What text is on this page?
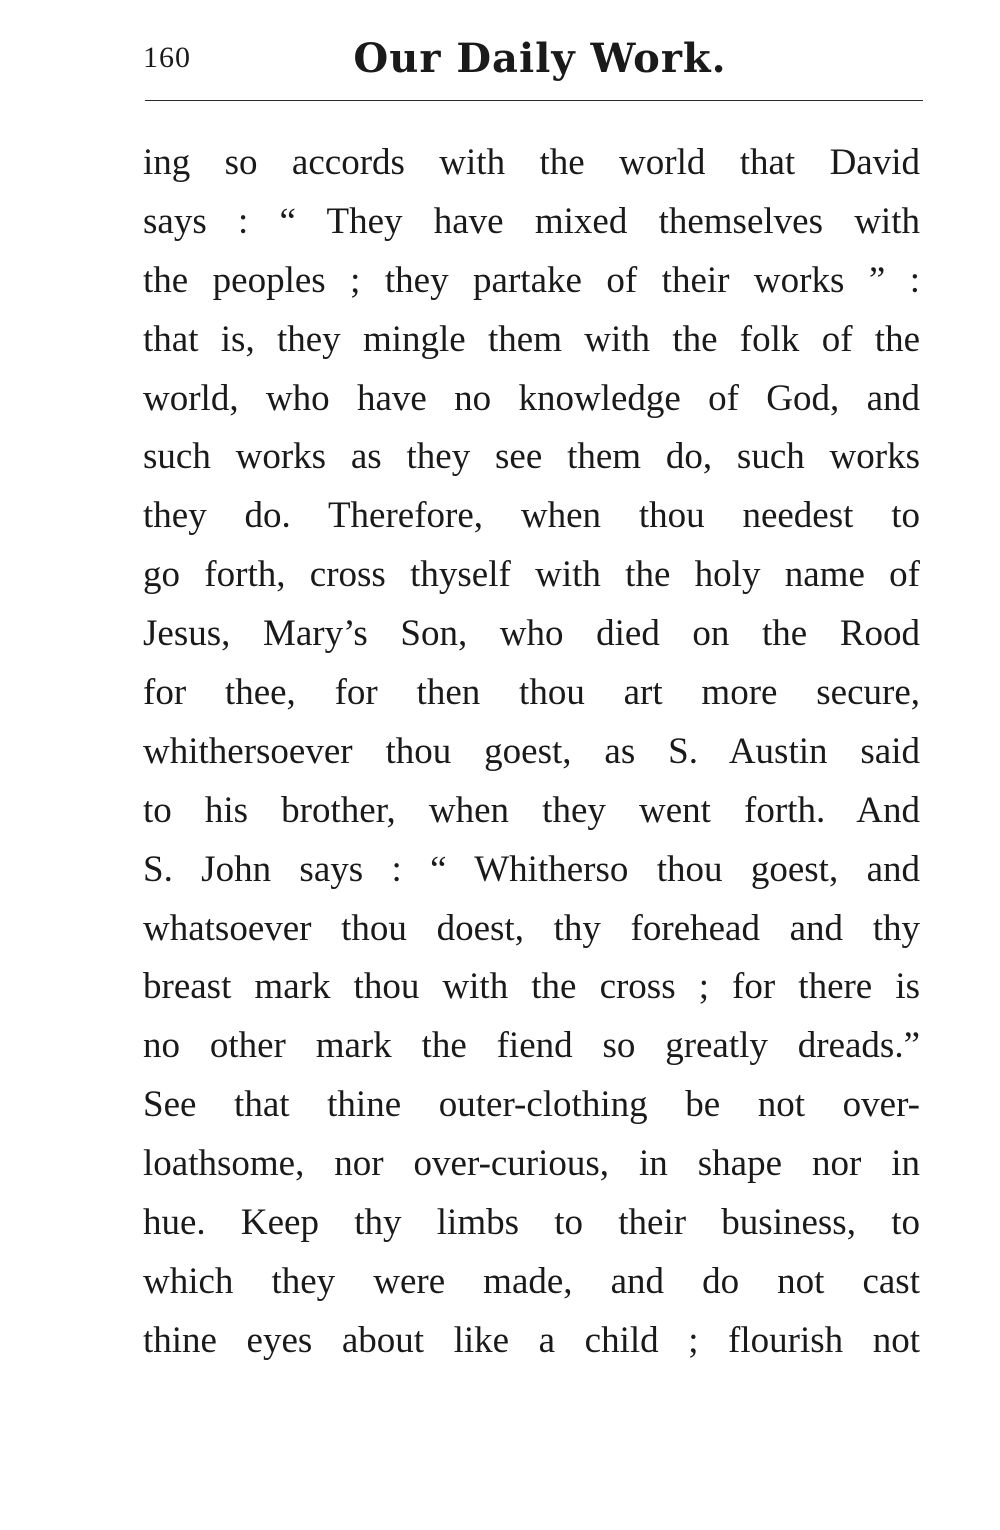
160	Our Daily Work.
ing so accords with the world that David
says : “ They have mixed themselves with
the peoples ; they partake of their works ” :
that is, they mingle them with the folk of the
world, who have no knowledge of God, and
such works as they see them do, such works
they do. Therefore, when thou needest to
go forth, cross thyself with the holy name of
Jesus, Mary’s Son, who died on the Rood
for thee, for then thou art more secure,
whithersoever thou goest, as S. Austin said
to his brother, when they went forth. And
S. John says : “ Whitherso thou goest, and
whatsoever thou doest, thy forehead and thy
breast mark thou with the cross ; for there is
no other mark the fiend so greatly dreads.”
See that thine outer-clothing be not over-
loathsome, nor over-curious, in shape nor in
hue. Keep thy limbs to their business, to
which they were made, and do not cast
thine eyes about like a child ; flourish not
